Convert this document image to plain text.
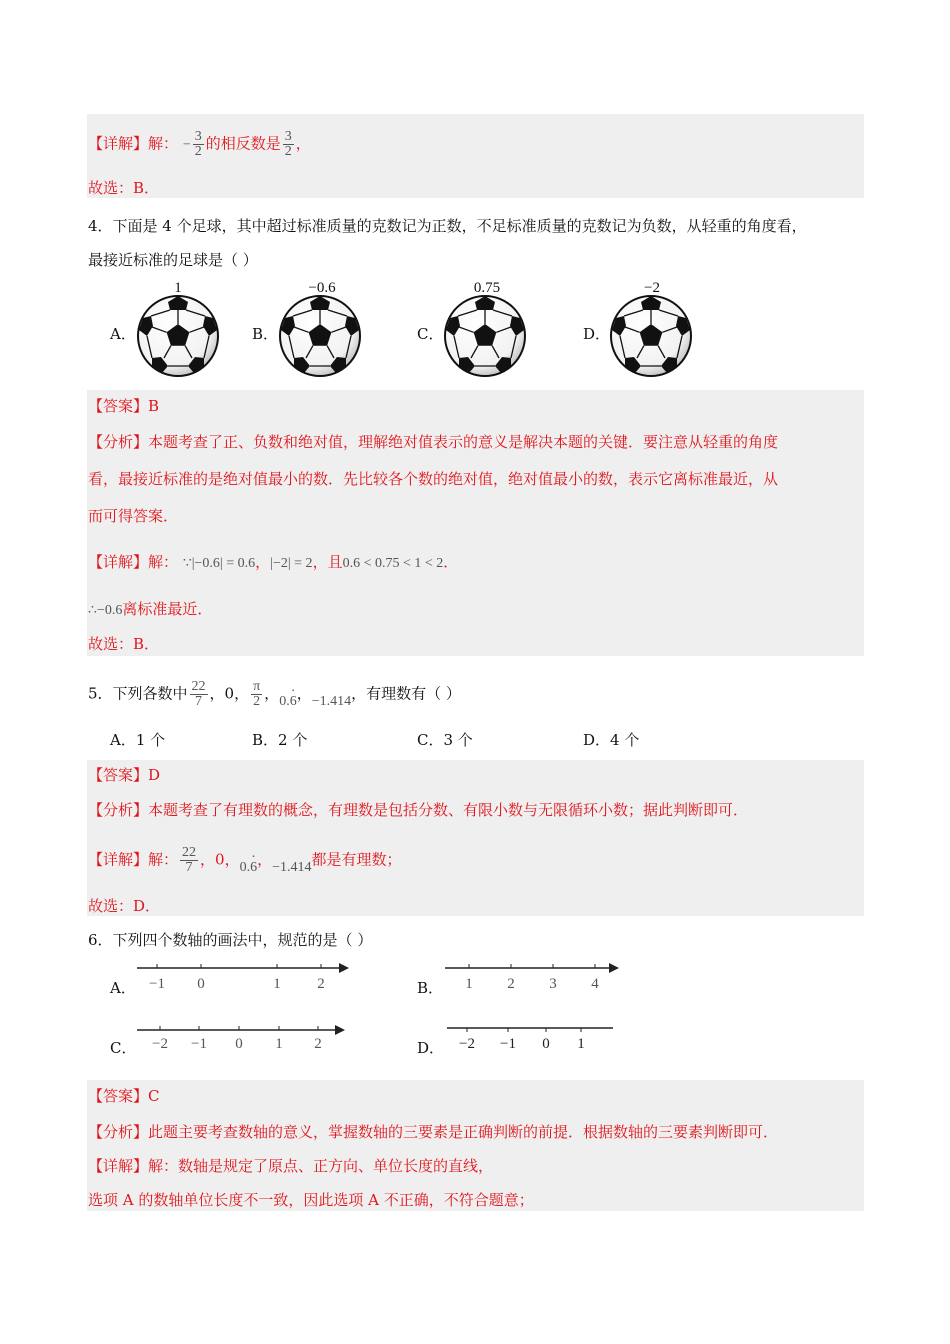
【详解】解： − $\frac{3}{2}$ 的相反数是 $\frac{3}{2}$ ，
故选：B．
4．下面是 4 个足球，其中超过标准质量的克数记为正数，不足标准质量的克数记为负数，从轻重的角度看，
最接近标准的足球是（ ）
A．
1
B．
−0.6
C．
0.75
D．
−2
【答案】B
【分析】本题考查了正、负数和绝对值，理解绝对值表示的意义是解决本题的关键．要注意从轻重的角度
看，最接近标准的是绝对值最小的数．先比较各个数的绝对值，绝对值最小的数，表示它离标准最近，从
而可得答案．
【详解】解： ∵|−0.6| = 0.6，|−2| = 2，且0.6 < 0.75 < 1 < 2．
∴−0.6离标准最近．
故选：B．
5．下列各数中 $\frac{22}{7}$ ，0， $\frac{\pi}{2}$ ，0.· 6，−1.414，有理数有（ ）
A．1 个	B．2 个	C．3 个	D．4 个
【答案】D
【分析】本题考查了有理数的概念，有理数是包括分数、有限小数与无限循环小数；据此判断即可．
【详解】解： $\frac{22}{7}$ ，0，0.· 6，−1.414都是有理数；
故选：D．
6．下列四个数轴的画法中，规范的是（ ）
A． −1 0	1 2	B． 1 2 3 4
C． −2 −1 0 1 2	D． −2 −1 0 1
【答案】C
【分析】此题主要考查数轴的意义，掌握数轴的三要素是正确判断的前提．根据数轴的三要素判断即可．
【详解】解：数轴是规定了原点、正方向、单位长度的直线，
选项 A 的数轴单位长度不一致，因此选项 A 不正确，不符合题意；
